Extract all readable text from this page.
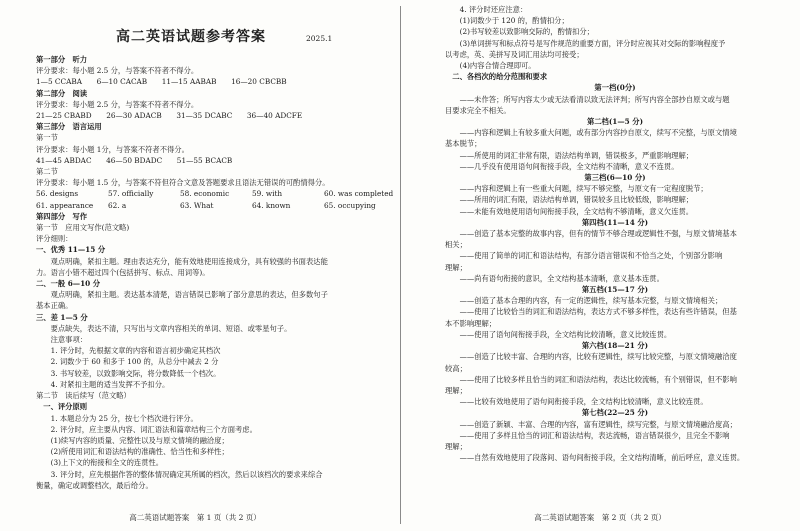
高二英语试题参考答案	2025.1
第一部分　听力
评分要求：每小题 2.5 分，与答案不符者不得分。
1—5 CCABA　　6—10 CACAB　　11—15 AABAB　　16—20 CBCBB
第二部分　阅读
评分要求：每小题 2.5 分，与答案不符者不得分。
21—25 CBABD　　26—30 ADACB　　31—35 DCABC　　36—40 ADCFE
第三部分　语言运用
第一节
评分要求：每小题 1分，与答案不符者不得分。
41—45 ABDAC　　46—50 BDADC　　51—55 BCACB
第二节
评分要求：每小题 1.5 分，与答案不符但符合文意及答题要求且语法无错误的可酌情得分。
56. designs	57. officially	58. economic	59. with	60. was completed
61. appearance	62. a	63. What	64. known	65. occupying
第四部分　写作
第一节　应用文写作(范文略)
评分细则：
一、优秀 11—15 分
　　观点明确，紧扣主题。理由表达充分，能有效地使用连接成分，具有较强的书面表达能
力。语言小错不超过四个(包括拼写、标点、用词等)。
二、一般 6—10 分
　　观点明确，紧扣主题。表达基本清楚，语言错误已影响了部分意思的表达，但多数句子
基本正确。
三、差 1—5 分
　　要点缺失，表达不清，只写出与文章内容相关的单词、短语、或零星句子。
　　注意事项：
　　1. 评分时，先根据文章的内容和语言初步确定其档次
　　2. 词数少于 60 和多于 100 的，从总分中减去 2 分
　　3. 书写较差，以致影响交际，将分数降低一个档次。
　　4. 对紧扣主题的适当发挥不予扣分。
第二节　读后续写（范文略）
　一、评分原则
　　1. 本题总分为 25 分，按七个档次进行评分。
　　2. 评分时，应主要从内容、词汇语法和篇章结构三个方面考虑。
　　(1)续写内容的质量、完整性以及与原文情境的融洽度；
　　(2)所使用词汇和语法结构的准确性、恰当性和多样性；
　　(3)上下文的衔接和全文的连贯性。
　　3. 评分时，应先根据作答的整体情况确定其所属的档次，然后以该档次的要求来综合
衡量，确定或调整档次，最后给分。
高二英语试题答案　第 1 页（共 2 页）
　　4. 评分时还应注意：
　　(1)词数少于 120 的，酌情扣分；
　　(2)书写较差以致影响交际的，酌情扣分；
　　(3)单词拼写和标点符号是写作规范的重要方面，评分时应视其对交际的影响程度予
以考虑，英、美拼写及词汇用法均可接受；
　　(4)内容合情合理即可。
　二、各档次的给分范围和要求
第一档(0分)
　　——未作答；所写内容太少或无法看清以致无法评判；所写内容全部抄自原文或与题
目要求完全不相关。
第二档(1—5 分)
　　——内容和逻辑上有较多重大问题，或有部分内容抄自原文，续写不完整，与原文情境
基本脱节；
　　——所使用的词汇非常有限，语法结构单调，错误极多，严重影响理解；
　　——几乎没有使用语句间衔接手段，全文结构不清晰，意义不连贯。
第三档(6—10 分)
　　——内容和逻辑上有一些重大问题，续写不够完整，与原文有一定程度脱节；
　　——所用的词汇有限，语法结构单调，错误较多且比较低级，影响理解；
　　——未能有效地使用语句间衔接手段，全文结构不够清晰，意义欠连贯。
第四档(11—14 分)
　　——创造了基本完整的故事内容，但有的情节不够合理或逻辑性不强，与原文情境基本
相关；
　　——使用了简单的词汇和语法结构，有部分语言错误和不恰当之处，个别部分影响
理解；
　　——尚有语句衔接的意识，全文结构基本清晰，意义基本连贯。
第五档(15—17 分)
　　——创造了基本合理的内容，有一定的逻辑性，续写基本完整，与原文情境相关；
　　——使用了比较恰当的词汇和语法结构，表达方式不够多样性，表达有些许错误，但基
本不影响理解；
　　——使用了语句间衔接手段，全文结构比较清晰，意义比较连贯。
第六档(18—21 分)
　　——创造了比较丰富、合理的内容，比较有逻辑性，续写比较完整，与原文情境融洽度
较高；
　　——使用了比较多样且恰当的词汇和语法结构，表达比较流畅，有个别错误，但不影响
理解；
　　——比较有效地使用了语句间衔接手段，全文结构比较清晰，意义比较连贯。
第七档(22—25 分)
　　——创造了新颖、丰富、合理的内容，富有逻辑性，续写完整，与原文情境融洽度高；
　　——使用了多样且恰当的词汇和语法结构，表达流畅，语言错误很少，且完全不影响
理解；
　　——自然有效地使用了段落间、语句间衔接手段，全文结构清晰，前后呼应，意义连贯。
高二英语试题答案　第 2 页（共 2 页）
